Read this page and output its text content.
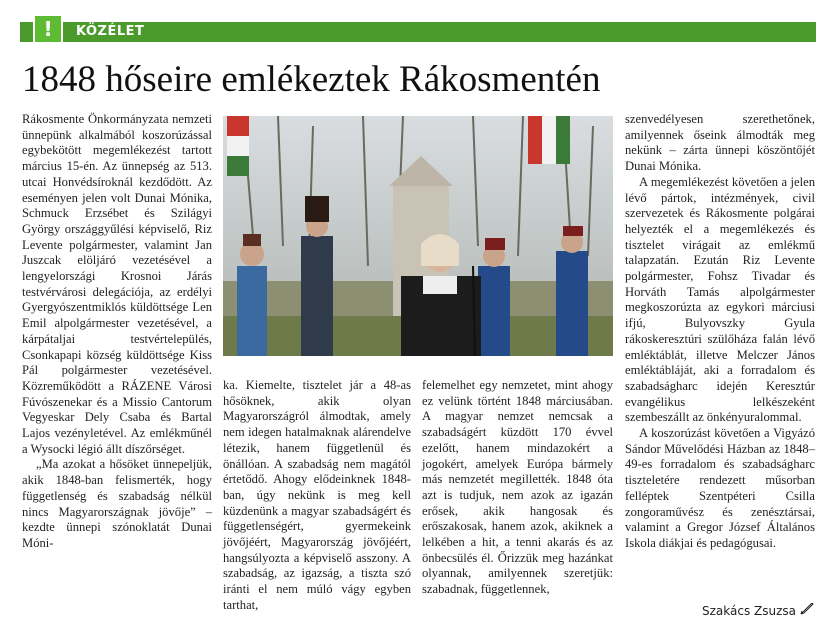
! KÖZÉLET
1848 hőseire emlékeztek Rákosmentén

Rákosmente Önkormányzata nemzeti ünnepünk alkalmából koszorúzással egybekötött megemlékezést tartott március 15-én. Az ünnepség az 513. utcai Honvédsíroknál kezdődött. Az eseményen jelen volt Dunai Mónika, Schmuck Erzsébet és Szilágyi György országgyűlési képviselő, Riz Levente polgármester, valamint Jan Juszcak elöljáró vezetésével a lengyelországi Krosnoi Járás testvérvárosi delegációja, az erdélyi Gyergyószentmiklós küldöttsége Len Emil alpolgármester vezetésével, a kárpátaljai testvértelepülés, Csonkapapi község küldöttsége Kiss Pál polgármester vezetésével. Közreműködött a RÁZENE Városi Fúvószenekar és a Missio Cantorum Vegyeskar Dely Csaba és Bartal Lajos vezényletével. Az emlékműnél a Wysocki légió állt díszőrséget.

„Ma azokat a hősöket ünnepeljük, akik 1848-ban felismerték, hogy függetlenség és szabadság nélkül nincs Magyarországnak jövője” – kezdte ünnepi szónoklatát Dunai Móni-

ka. Kiemelte, tisztelet jár a 48-as hősöknek, akik olyan Magyarországról álmodtak, amely nem idegen hatalmaknak alárendelve létezik, hanem függetlenül és önállóan. A szabadság nem magától értetődő. Ahogy elődeinknek 1848-ban, úgy nekünk is meg kell küzdenünk a magyar szabadságért és függetlenségért, gyermekeink jövőjéért, Magyarország jövőjéért, hangsúlyozta a képviselő asszony. A szabadság, az igazság, a tiszta szó iránti el nem múló vágy egyben tarthat,

felemelhet egy nemzetet, mint ahogy ez velünk történt 1848 márciusában. A magyar nemzet nemcsak a szabadságért küzdött 170 évvel ezelőtt, hanem mindazokért a jogokért, amelyek Európa bármely más nemzetét megillették. 1848 óta azt is tudjuk, nem azok az igazán erősek, akik hangosak és erőszakosak, hanem azok, akiknek a lelkében a hit, a tenni akarás és az önbecsülés él. Őrizzük meg hazánkat olyannak, amilyennek szeretjük: szabadnak, függetlennek,

szenvedélyesen szerethetőnek, amilyennek őseink álmodták meg nekünk – zárta ünnepi köszöntőjét Dunai Mónika.

A megemlékezést követően a jelen lévő pártok, intézmények, civil szervezetek és Rákosmente polgárai helyezték el a megemlékezés és tisztelet virágait az emlékmű talapzatán. Ezután Riz Levente polgármester, Fohsz Tivadar és Horváth Tamás alpolgármester megkoszorúzta az egykori márciusi ifjú, Bulyovszky Gyula rákoskeresztúri szülőháza falán lévő emléktáblát, illetve Melczer János emléktábláját, aki a forradalom és szabadságharc idején Keresztúr evangélikus lelkészeként szembeszállt az önkényuralommal.

A koszorúzást követően a Vigyázó Sándor Művelődési Házban az 1848–49-es forradalom és szabadságharc tiszteletére rendezett műsorban felléptek Szentpéteri Csilla zongoraművész és zenésztársai, valamint a Gregor József Általános Iskola diákjai és pedagógusai.

Szakács Zsuzsa
